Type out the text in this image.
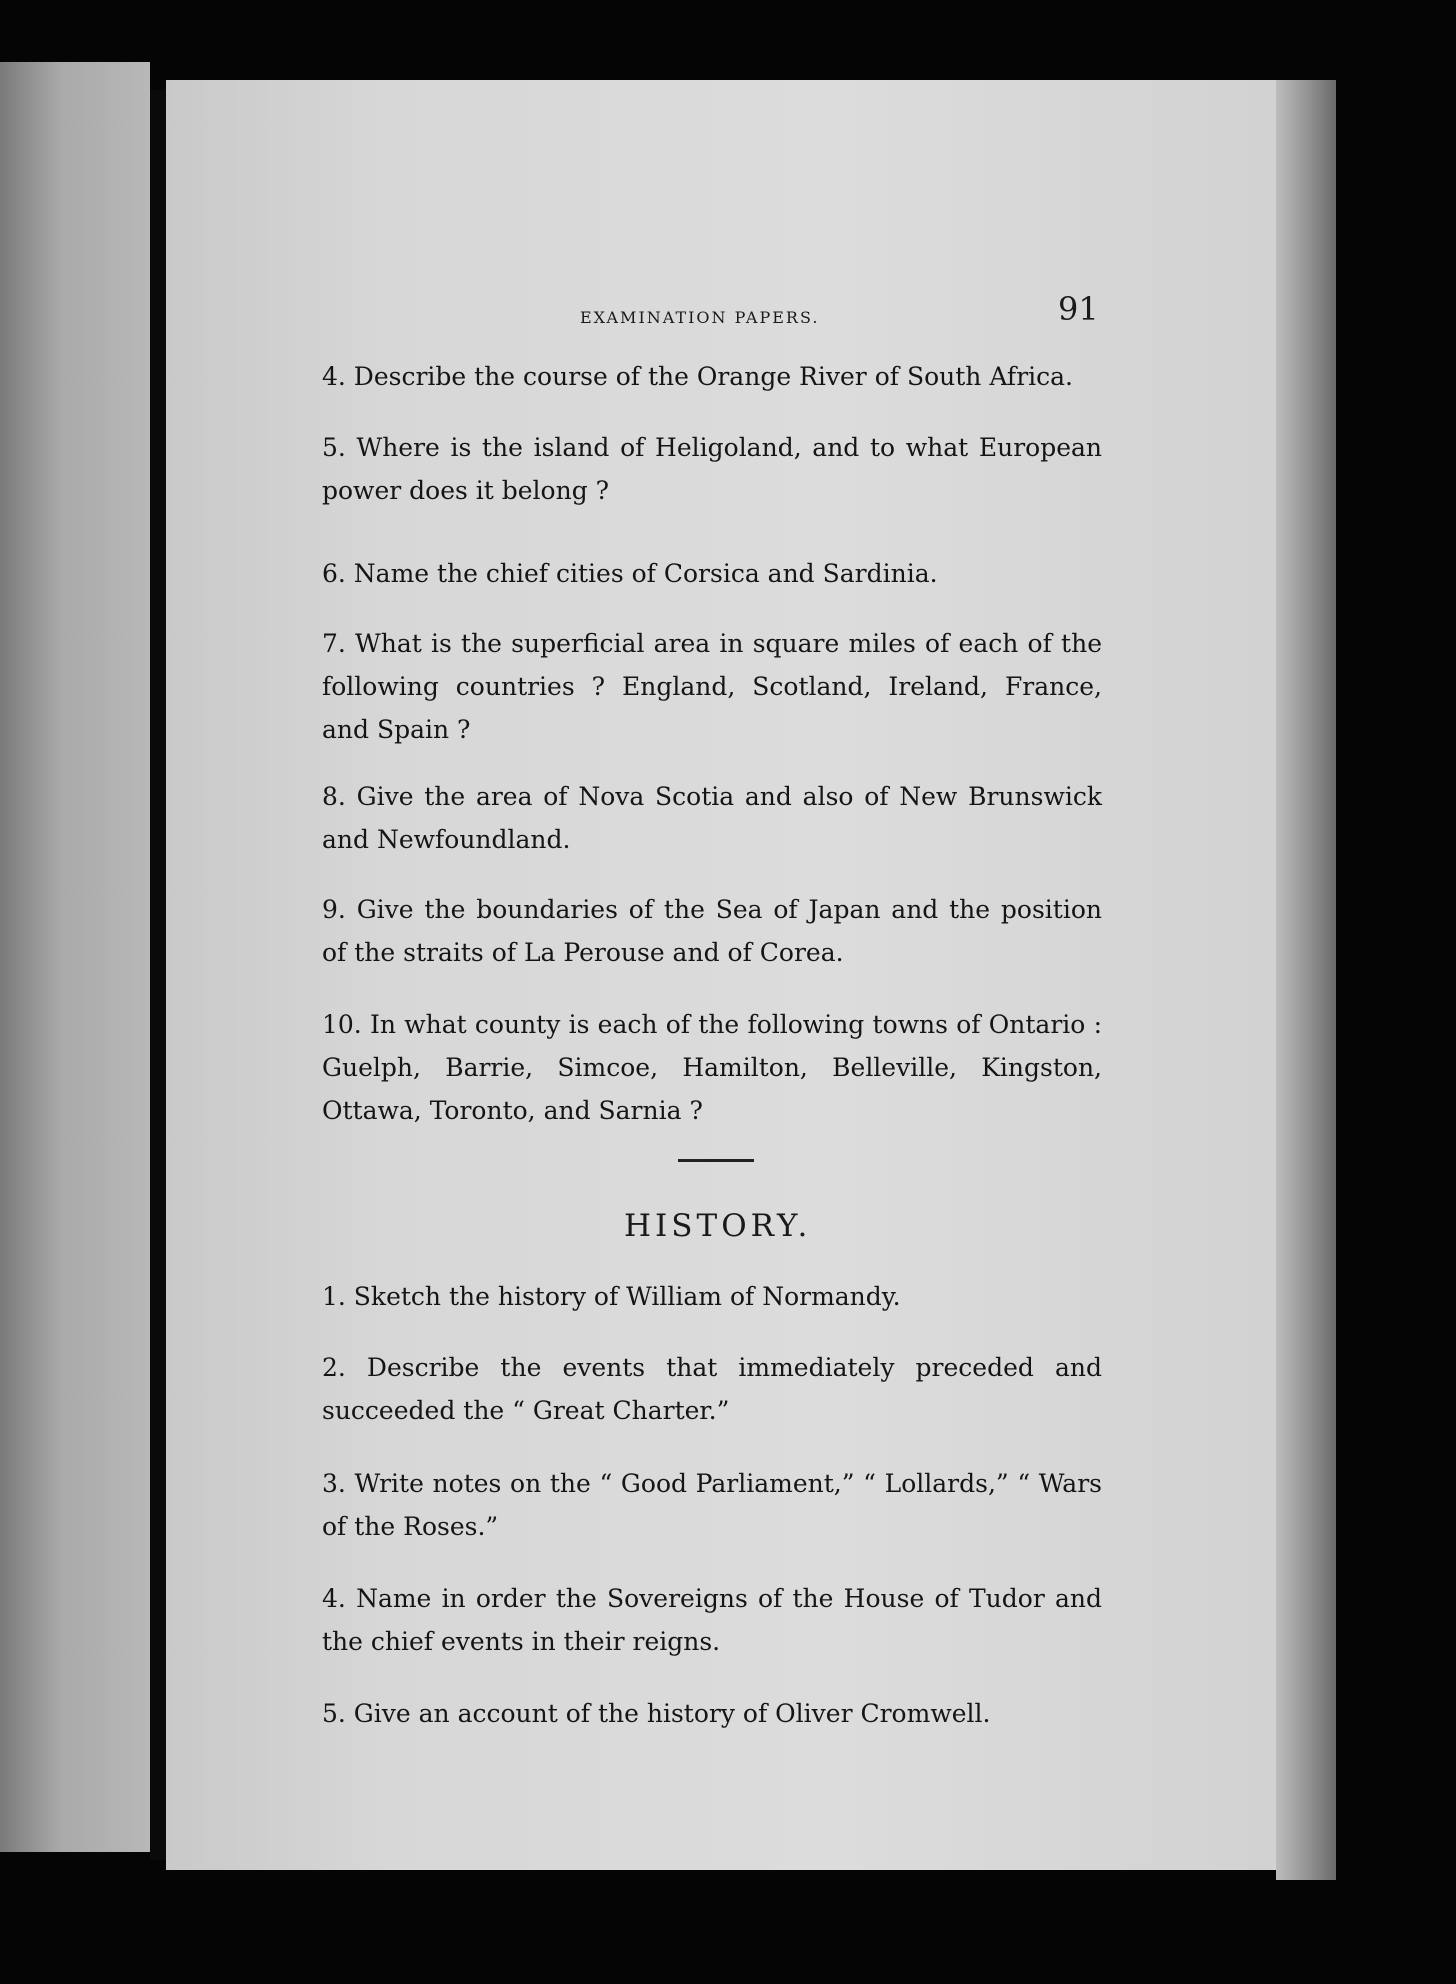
EXAMINATION PAPERS.	91
4. Describe the course of the Orange River of South Africa.
5. Where is the island of Heligoland, and to what European power does it belong ?
6. Name the chief cities of Corsica and Sardinia.
7. What is the superficial area in square miles of each of the following countries ? England, Scotland, Ireland, France, and Spain ?
8. Give the area of Nova Scotia and also of New Brunswick and Newfoundland.
9. Give the boundaries of the Sea of Japan and the position of the straits of La Perouse and of Corea.
10. In what county is each of the following towns of Ontario : Guelph, Barrie, Simcoe, Hamilton, Belleville, Kingston, Ottawa, Toronto, and Sarnia ?
HISTORY.
1. Sketch the history of William of Normandy.
2. Describe the events that immediately preceded and succeeded the “ Great Charter.”
3. Write notes on the “ Good Parliament,” “ Lollards,” “ Wars of the Roses.”
4. Name in order the Sovereigns of the House of Tudor and the chief events in their reigns.
5. Give an account of the history of Oliver Cromwell.
